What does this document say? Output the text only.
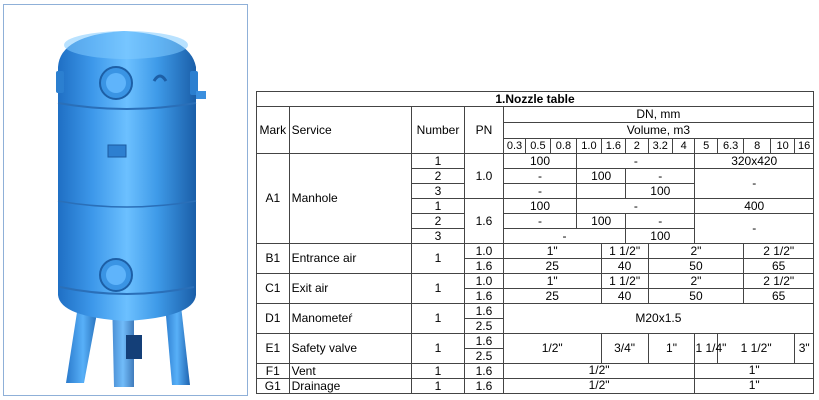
1.Nozzle table																
Mark	Service	Number	PN	DN, mm												
				Volume, m3												
				0.3	0.5	0.8	1.0	1.6	2	3.2	4	5	6.3	8	10	16
A1	Manhole	1	1.0	100			-					320x420				
		2		-			100		-			-				
		3		-					100							
		1	1.6	100			-					400				
		2		-			100		-			-				
		3		-					100							
B1	Entrance air	1	1.0	1"				1 1/2"		2"				2 1/2"		
			1.6	25				40		50				65		
C1	Exit air	1	1.0	1"				1 1/2"		2"				2 1/2"		
			1.6	25				40		50				65		
D1	Manometeŕ	1	1.6	M20x1.5												
			2.5													
E1	Safety valve	1	1.6	1/2"				3/4"		1"		1 1/4"	1 1/2"			3"
			2.5													
F1	Vent	1	1.6	1/2"								1"				
G1	Drainage	1	1.6	1/2"								1"				
